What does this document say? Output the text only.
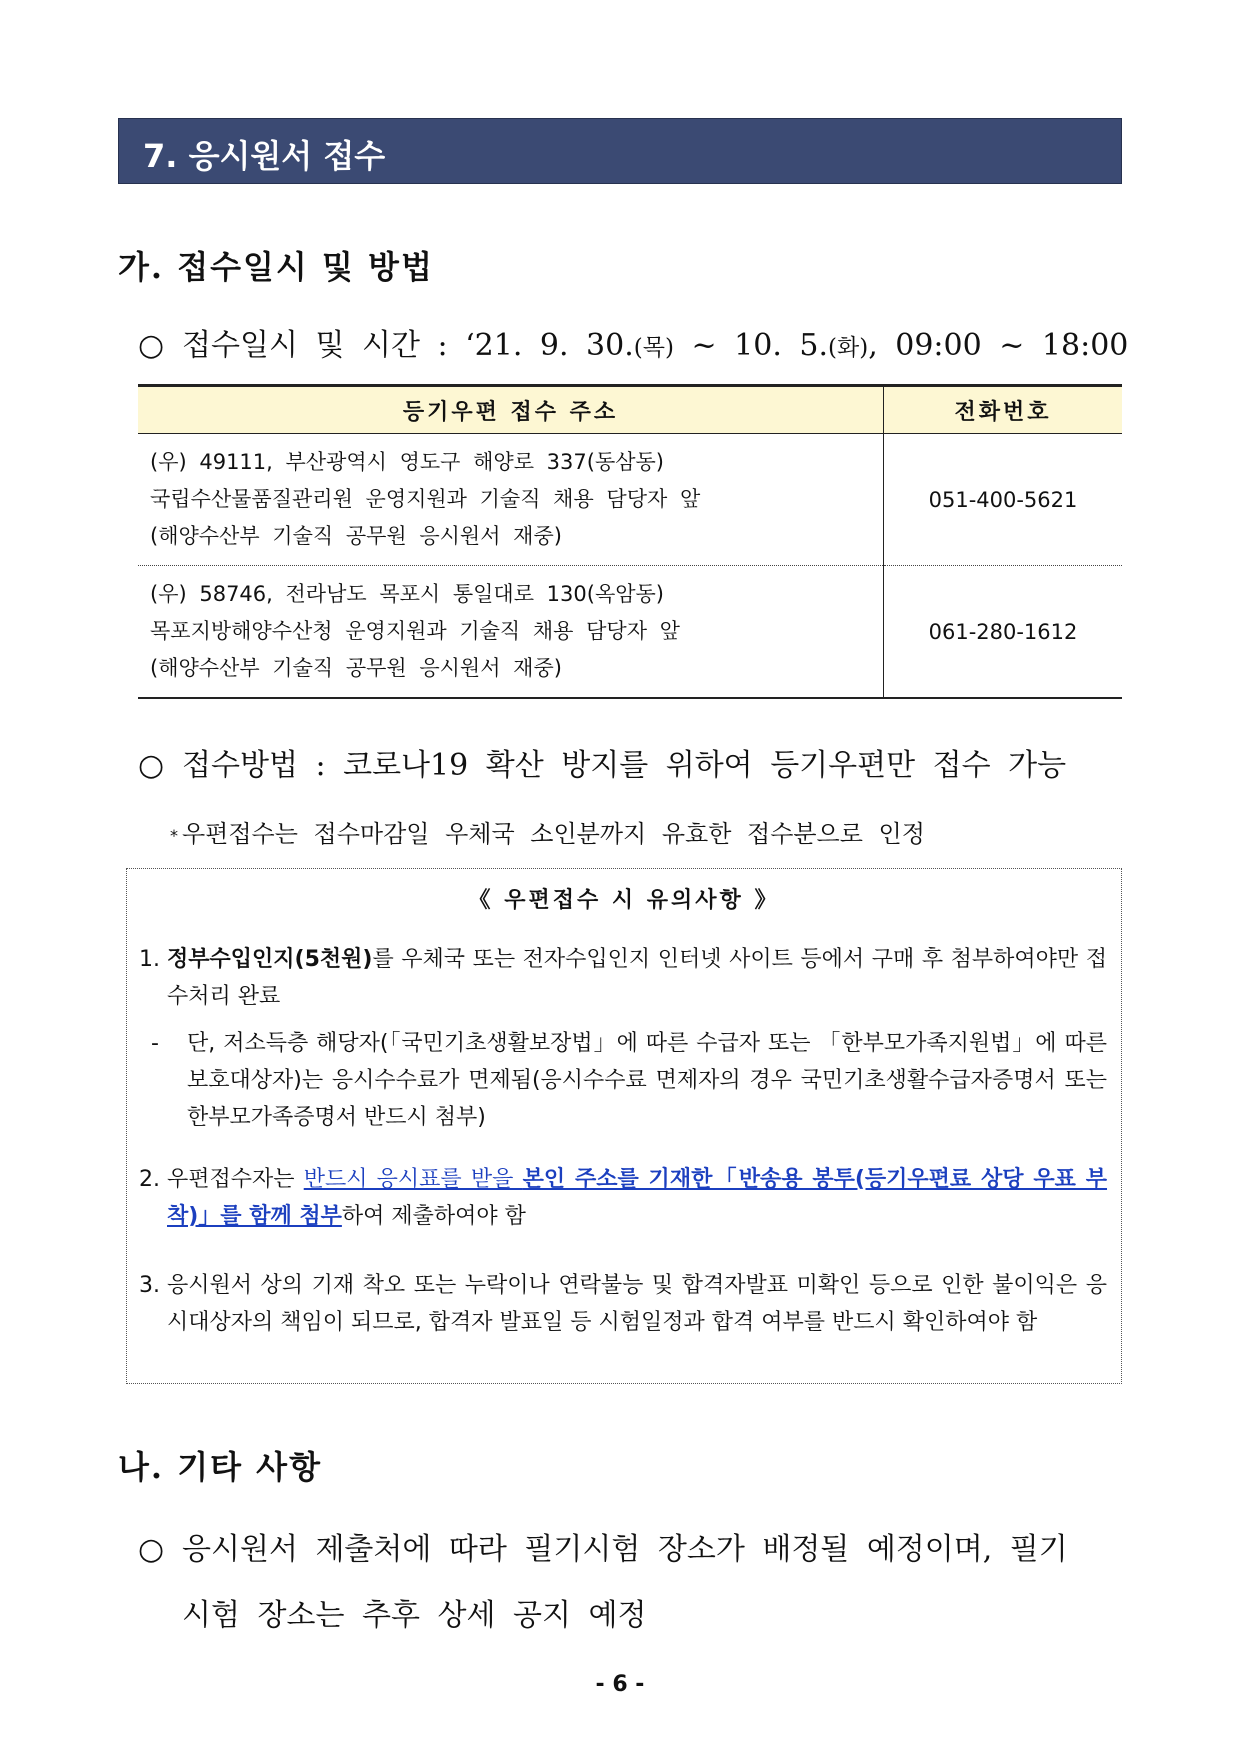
7. 응시원서 접수
가. 접수일시 및 방법
○ 접수일시 및 시간 : ‘21. 9. 30.(목) ~ 10. 5.(화), 09:00 ~ 18:00
등기우편 접수 주소	전화번호

(우) 49111, 부산광역시 영도구 해양로 337(동삼동)
국립수산물품질관리원 운영지원과 기술직 채용 담당자 앞
(해양수산부 기술직 공무원 응시원서 재중)	051-400-5621

(우) 58746, 전라남도 목포시 통일대로 130(옥암동)
목포지방해양수산청 운영지원과 기술직 채용 담당자 앞
(해양수산부 기술직 공무원 응시원서 재중)	061-280-1612
○ 접수방법 : 코로나19 확산 방지를 위하여 등기우편만 접수 가능
* 우편접수는 접수마감일 우체국 소인분까지 유효한 접수분으로 인정
《 우편접수 시 유의사항 》
1. 정부수입인지(5천원)를 우체국 또는 전자수입인지 인터넷 사이트 등에서 구매 후 첨부하여야만 접수처리 완료
- 단, 저소득층 해당자(「국민기초생활보장법」에 따른 수급자 또는 「한부모가족지원법」에 따른 보호대상자)는 응시수수료가 면제됨(응시수수료 면제자의 경우 국민기초생활수급자증명서 또는 한부모가족증명서 반드시 첨부)
2. 우편접수자는 반드시 응시표를 받을 본인 주소를 기재한「반송용 봉투(등기우편료 상당 우표 부착)」를 함께 첨부하여 제출하여야 함
3. 응시원서 상의 기재 착오 또는 누락이나 연락불능 및 합격자발표 미확인 등으로 인한 불이익은 응시대상자의 책임이 되므로, 합격자 발표일 등 시험일정과 합격 여부를 반드시 확인하여야 함
나. 기타 사항
○ 응시원서 제출처에 따라 필기시험 장소가 배정될 예정이며, 필기
시험 장소는 추후 상세 공지 예정
- 6 -
